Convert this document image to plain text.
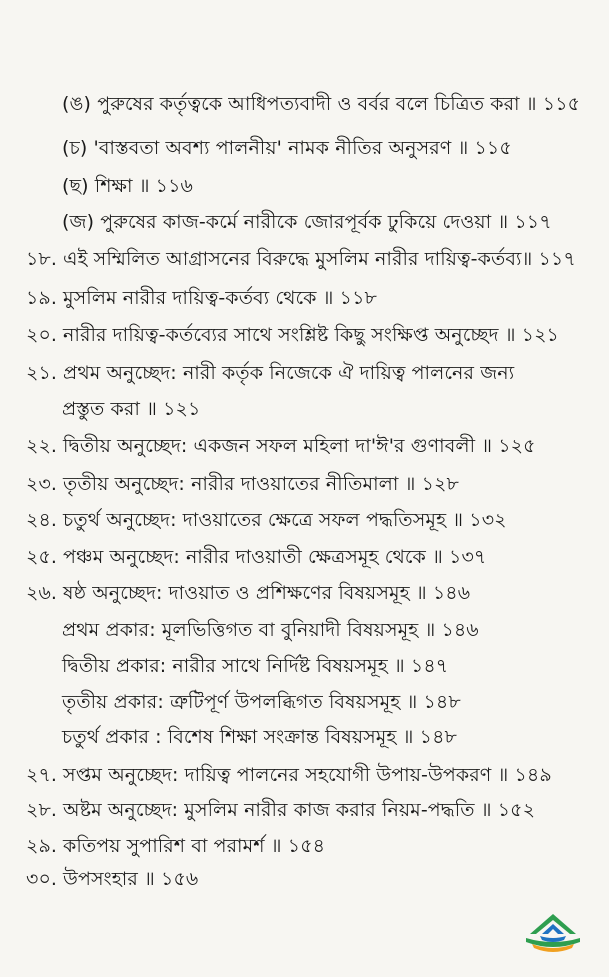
(ঙ) পুরুষের কর্তৃত্বকে আধিপত্যবাদী ও বর্বর বলে চিত্রিত করা ॥ ১১৫
(চ) 'বাস্তবতা অবশ্য পালনীয়' নামক নীতির অনুসরণ ॥ ১১৫
(ছ) শিক্ষা ॥ ১১৬
(জ) পুরুষের কাজ-কর্মে নারীকে জোরপূর্বক ঢুকিয়ে দেওয়া ॥ ১১৭
১৮. এই সম্মিলিত আগ্রাসনের বিরুদ্ধে মুসলিম নারীর দায়িত্ব-কর্তব্য॥ ১১৭
১৯. মুসলিম নারীর দায়িত্ব-কর্তব্য থেকে ॥ ১১৮
২০. নারীর দায়িত্ব-কর্তব্যের সাথে সংশ্লিষ্ট কিছু সংক্ষিপ্ত অনুচ্ছেদ ॥ ১২১
২১. প্রথম অনুচ্ছেদ: নারী কর্তৃক নিজেকে ঐ দায়িত্ব পালনের জন্য
প্রস্তুত করা ॥ ১২১
২২. দ্বিতীয় অনুচ্ছেদ: একজন সফল মহিলা দা'ঈ'র গুণাবলী ॥ ১২৫
২৩. তৃতীয় অনুচ্ছেদ: নারীর দাওয়াতের নীতিমালা ॥ ১২৮
২৪. চতুর্থ অনুচ্ছেদ: দাওয়াতের ক্ষেত্রে সফল পদ্ধতিসমূহ ॥ ১৩২
২৫. পঞ্চম অনুচ্ছেদ: নারীর দাওয়াতী ক্ষেত্রসমূহ থেকে ॥ ১৩৭
২৬. ষষ্ঠ অনুচ্ছেদ: দাওয়াত ও প্রশিক্ষণের বিষয়সমূহ ॥ ১৪৬
প্রথম প্রকার: মূলভিত্তিগত বা বুনিয়াদী বিষয়সমূহ ॥ ১৪৬
দ্বিতীয় প্রকার: নারীর সাথে নির্দিষ্ট বিষয়সমূহ ॥ ১৪৭
তৃতীয় প্রকার: ত্রুটিপূর্ণ উপলব্ধিগত বিষয়সমূহ ॥ ১৪৮
চতুর্থ প্রকার : বিশেষ শিক্ষা সংক্রান্ত বিষয়সমূহ ॥ ১৪৮
২৭. সপ্তম অনুচ্ছেদ: দায়িত্ব পালনের সহযোগী উপায়-উপকরণ ॥ ১৪৯
২৮. অষ্টম অনুচ্ছেদ: মুসলিম নারীর কাজ করার নিয়ম-পদ্ধতি ॥ ১৫২
২৯. কতিপয় সুপারিশ বা পরামর্শ ॥ ১৫৪
৩০. উপসংহার ॥ ১৫৬
